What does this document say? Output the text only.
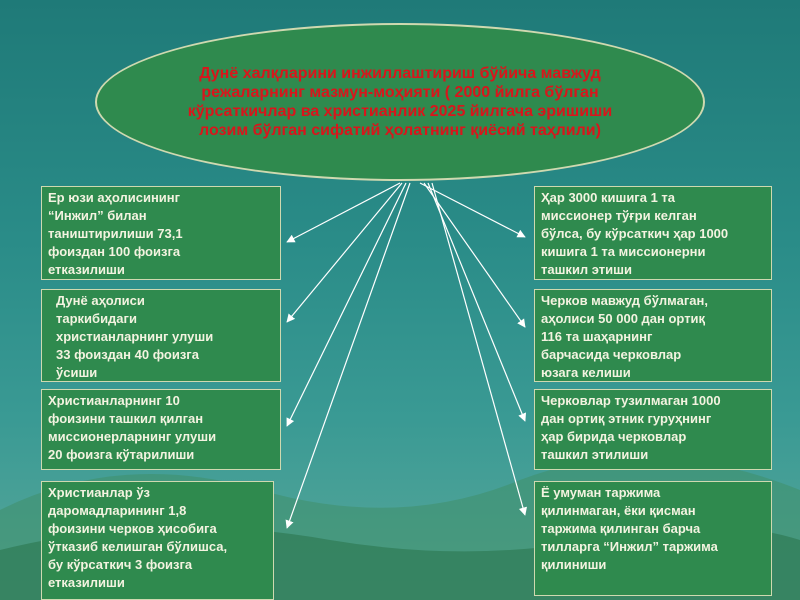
Дунё халқларини инжиллаштириш бўйича мавжуд режаларнинг мазмун-моҳияти ( 2000 йилга бўлган кўрсаткичлар ва христианлик 2025 йилгача эришиши лозим бўлган сифатий ҳолатнинг қиёсий таҳлили)
Ер юзи аҳолисининг
“Инжил” билан
таништирилиши 73,1
фоиздан 100 фоизга
етказилиши
Дунё аҳолиси
таркибидаги
христианларнинг улуши
33 фоиздан 40 фоизга
ўсиши
Христианларнинг 10
фоизини ташкил қилган
миссионерларнинг улуши
20 фоизга кўтарилиши
Христианлар ўз
даромадларининг 1,8
фоизини черков ҳисобига
ўтказиб келишган бўлишса,
бу кўрсаткич 3 фоизга
етказилиши
Ҳар 3000 кишига 1 та
миссионер тўғри келган
бўлса, бу кўрсаткич ҳар 1000
кишига 1 та миссионерни
ташкил этиши
Черков мавжуд бўлмаган,
аҳолиси 50 000 дан ортиқ
116 та шаҳарнинг
барчасида черковлар
юзага келиши
Черковлар тузилмаган 1000
дан ортиқ этник гуруҳнинг
ҳар бирида черковлар
ташкил этилиши
Ё умуман таржима
қилинмаган, ёки қисман
таржима қилинган барча
тилларга “Инжил” таржима
қилиниши
